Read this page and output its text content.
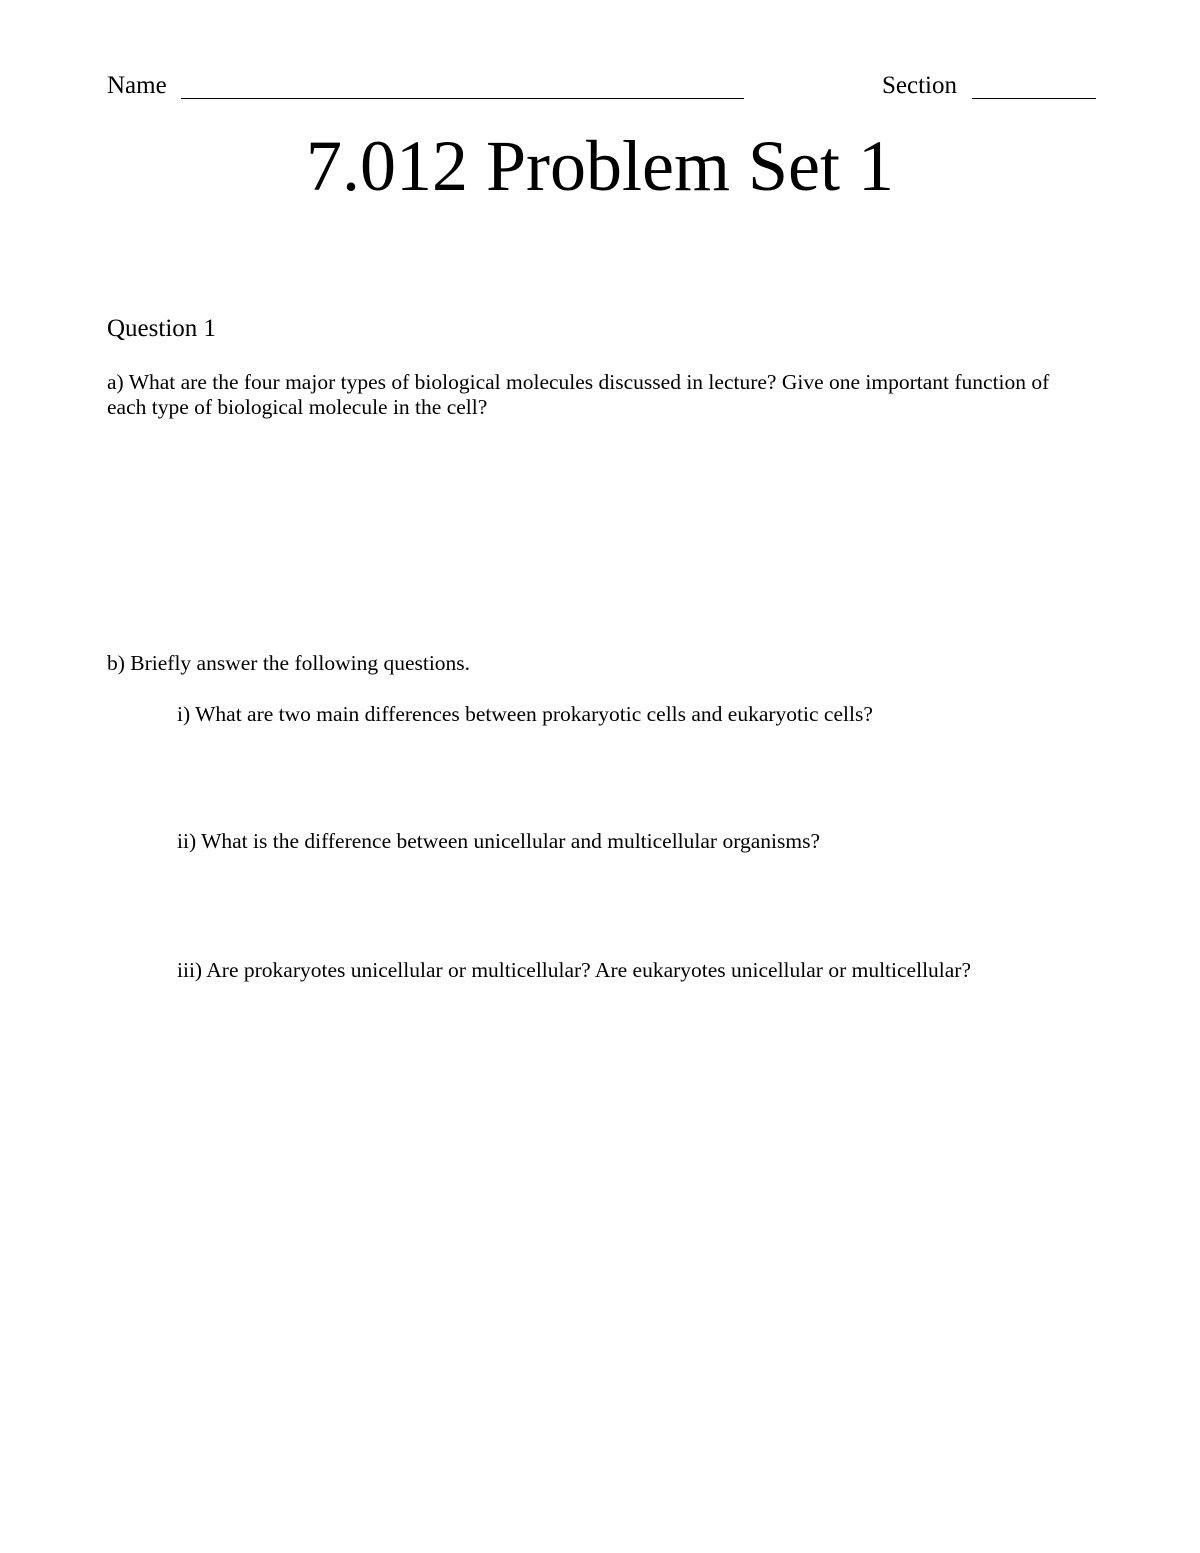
Name	Section
7.012 Problem Set 1
Question 1

a) What are the four major types of biological molecules discussed in lecture? Give one important function of each type of biological molecule in the cell?

b) Briefly answer the following questions.

i) What are two main differences between prokaryotic cells and eukaryotic cells?

ii) What is the difference between unicellular and multicellular organisms?

iii) Are prokaryotes unicellular or multicellular? Are eukaryotes unicellular or multicellular?
